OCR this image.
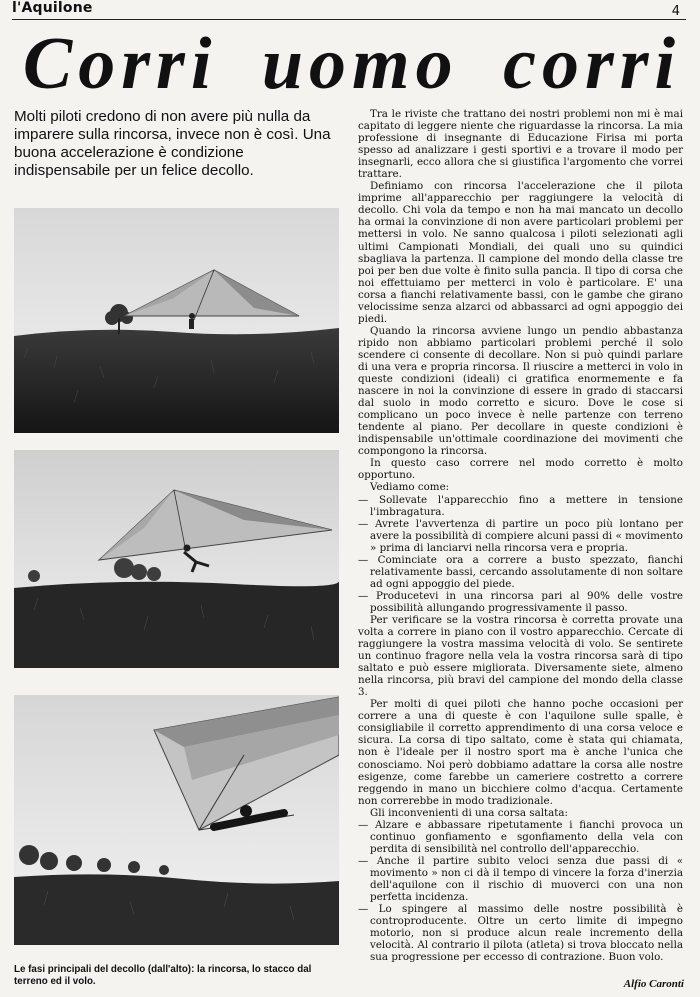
l'Aquilone	4
Corri uomo corri
Molti piloti credono di non avere più nulla da imparere sulla rincorsa, invece non è così. Una buona accelerazione è condizione indispensabile per un felice decollo.
Le fasi principali del decollo (dall'alto): la rincorsa, lo stacco dal terreno ed il volo.

Tra le riviste che trattano dei nostri problemi non mi è mai capitato di leggere niente che riguardasse la rincorsa. La mia professione di insegnante di Educazione Firisa mi porta spesso ad analizzare i gesti sportivi e a trovare il modo per insegnarli, ecco allora che si giustifica l'argomento che vorrei trattare.

Definiamo con rincorsa l'accelerazione che il pilota imprime all'apparecchio per raggiungere la velocità di decollo. Chi vola da tempo e non ha mai mancato un decollo ha ormai la convinzione di non avere particolari problemi per mettersi in volo. Ne sanno qualcosa i piloti selezionati agli ultimi Campionati Mondiali, dei quali uno su quindici sbagliava la partenza. Il campione del mondo della classe tre poi per ben due volte è finito sulla pancia. Il tipo di corsa che noi effettuiamo per metterci in volo è particolare. E' una corsa a fianchi relativamente bassi, con le gambe che girano velocissime senza alzarci od abbassarci ad ogni appoggio dei piedi.

Quando la rincorsa avviene lungo un pendio abbastanza ripido non abbiamo particolari problemi perché il solo scendere ci consente di decollare. Non si può quindi parlare di una vera e propria rincorsa. Il riuscire a metterci in volo in queste condizioni (ideali) ci gratifica enormemente e fa nascere in noi la convinzione di essere in grado di staccarsi dal suolo in modo corretto e sicuro. Dove le cose si complicano un poco invece è nelle partenze con terreno tendente al piano. Per decollare in queste condizioni è indispensabile un'ottimale coordinazione dei movimenti che compongono la rincorsa.

In questo caso correre nel modo corretto è molto opportuno.

Vediamo come:

— Sollevate l'apparecchio fino a mettere in tensione l'imbragatura.
— Avrete l'avvertenza di partire un poco più lontano per avere la possibilità di compiere alcuni passi di « movimento » prima di lanciarvi nella rincorsa vera e propria.
— Cominciate ora a correre a busto spezzato, fianchi relativamente bassi, cercando assolutamente di non soltare ad ogni appoggio del piede.
— Producetevi in una rincorsa pari al 90% delle vostre possibilità allungando progressivamente il passo.

Per verificare se la vostra rincorsa è corretta provate una volta a correre in piano con il vostro apparecchio. Cercate di raggiungere la vostra massima velocità di volo. Se sentirete un continuo fragore nella vela la vostra rincorsa sarà di tipo saltato e può essere migliorata. Diversamente siete, almeno nella rincorsa, più bravi del campione del mondo della classe 3.

Per molti di quei piloti che hanno poche occasioni per correre a una di queste è con l'aquilone sulle spalle, è consigliabile il corretto apprendimento di una corsa veloce e sicura. La corsa di tipo saltato, come è stata qui chiamata, non è l'ideale per il nostro sport ma è anche l'unica che conosciamo. Noi però dobbiamo adattare la corsa alle nostre esigenze, come farebbe un cameriere costretto a correre reggendo in mano un bicchiere colmo d'acqua. Certamente non correrebbe in modo tradizionale.

Gli inconvenienti di una corsa saltata:

— Alzare e abbassare ripetutamente i fianchi provoca un continuo gonfiamento e sgonfiamento della vela con perdita di sensibilità nel controllo dell'apparecchio.
— Anche il partire subito veloci senza due passi di « movimento » non ci dà il tempo di vincere la forza d'inerzia dell'aquilone con il rischio di muoverci con una non perfetta incidenza.
— Lo spingere al massimo delle nostre possibilità è controproducente. Oltre un certo limite di impegno motorio, non si produce alcun reale incremento della velocità. Al contrario il pilota (atleta) si trova bloccato nella sua progressione per eccesso di contrazione. Buon volo.
Alfio Caronti
